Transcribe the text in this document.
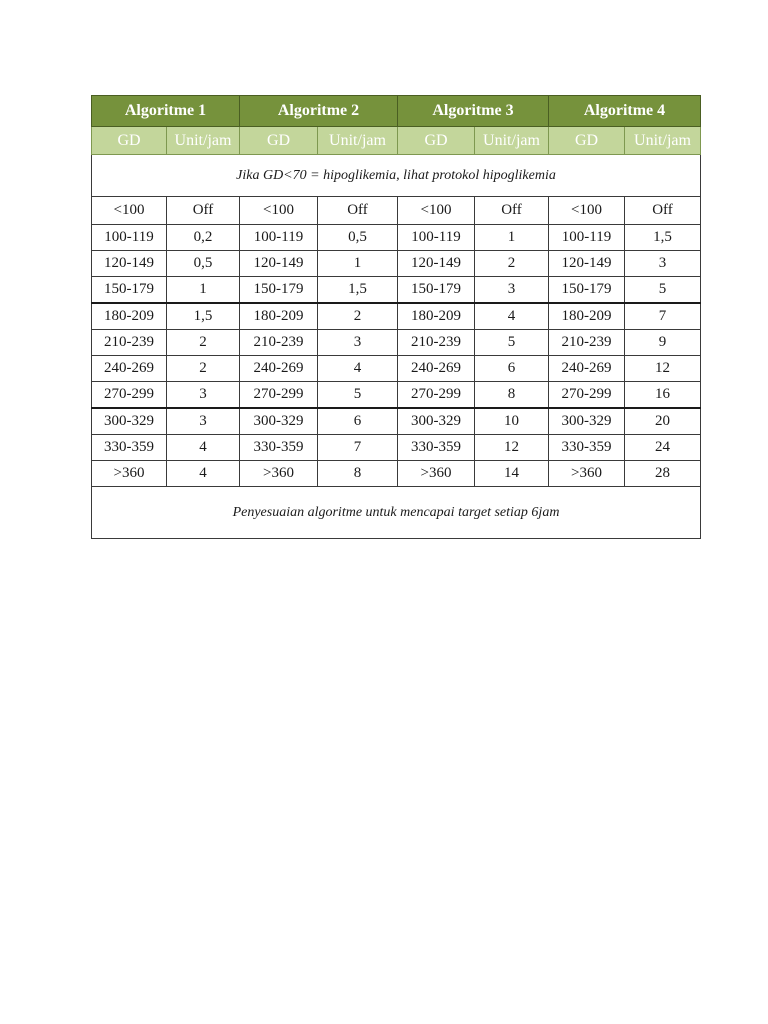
Algoritme 1		Algoritme 2		Algoritme 3		Algoritme 4	
GD	Unit/jam	GD	Unit/jam	GD	Unit/jam	GD	Unit/jam
Jika GD<70 = hipoglikemia, lihat protokol hipoglikemia							
<100	Off	<100	Off	<100	Off	<100	Off
100-119	0,2	100-119	0,5	100-119	1	100-119	1,5
120-149	0,5	120-149	1	120-149	2	120-149	3
150-179	1	150-179	1,5	150-179	3	150-179	5
180-209	1,5	180-209	2	180-209	4	180-209	7
210-239	2	210-239	3	210-239	5	210-239	9
240-269	2	240-269	4	240-269	6	240-269	12
270-299	3	270-299	5	270-299	8	270-299	16
300-329	3	300-329	6	300-329	10	300-329	20
330-359	4	330-359	7	330-359	12	330-359	24
>360	4	>360	8	>360	14	>360	28
Penyesuaian algoritme untuk mencapai target setiap 6jam							
